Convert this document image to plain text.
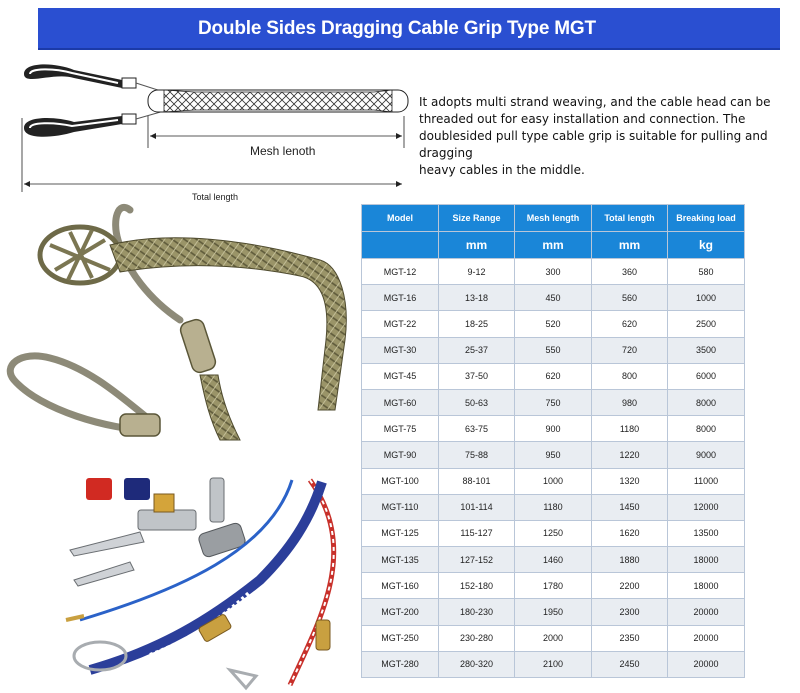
Double Sides Dragging Cable Grip Type MGT
Mesh lenoth
Total length

It adopts multi strand weaving, and the cable head can be

threaded out for easy installation and connection. The

doublesided pull type cable grip is suitable for pulling and

dragging

heavy cables in the middle.

Model	Size Range	Mesh length	Total length	Breaking load
	mm	mm	mm	kg
MGT-12	9-12	300	360	580
MGT-16	13-18	450	560	1000
MGT-22	18-25	520	620	2500
MGT-30	25-37	550	720	3500
MGT-45	37-50	620	800	6000
MGT-60	50-63	750	980	8000
MGT-75	63-75	900	1180	8000
MGT-90	75-88	950	1220	9000
MGT-100	88-101	1000	1320	11000
MGT-110	101-114	1180	1450	12000
MGT-125	115-127	1250	1620	13500
MGT-135	127-152	1460	1880	18000
MGT-160	152-180	1780	2200	18000
MGT-200	180-230	1950	2300	20000
MGT-250	230-280	2000	2350	20000
MGT-280	280-320	2100	2450	20000
